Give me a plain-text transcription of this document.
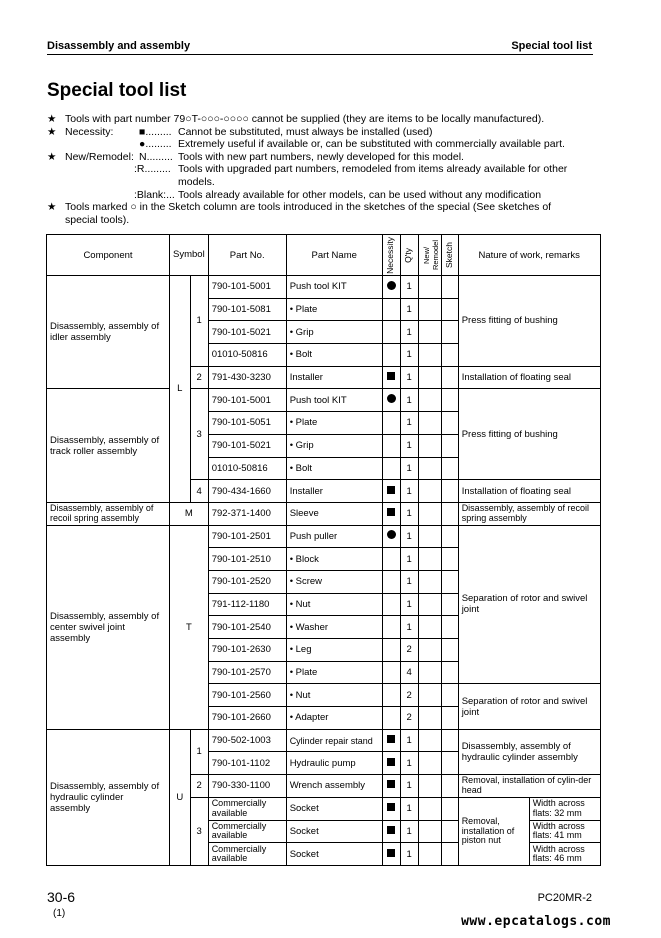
Disassembly and assembly	Special tool list
Special tool list
★ Tools with part number 79○T-○○○-○○○○ cannot be supplied (they are items to be locally manufactured).
★ Necessity: ■......... Cannot be substituted, must always be installed (used)
●......... Extremely useful if available or, can be substituted with commercially available part.
★ New/Remodel: N......... Tools with new part numbers, newly developed for this model.
:R......... Tools with upgraded part numbers, remodeled from items already available for other
models.
:Blank:... Tools already available for other models, can be used without any modification
★ Tools marked ○ in the Sketch column are tools introduced in the sketches of the special (See sketches of
special tools).
Component	Symbol		Part No.	Part Name	Necessity	Q'ty	New/ Remodel	Sketch	Nature of work, remarks	
Disassembly, assembly of idler assembly	L	1	790-101-5001	Push tool KIT		1			Press fitting of bushing	
			790-101-5081	• Plate		1				
			790-101-5021	• Grip		1				
			01010-50816	• Bolt		1				
		2	791-430-3230	Installer		1			Installation of floating seal	
Disassembly, assembly of track roller assembly		3	790-101-5001	Push tool KIT		1			Press fitting of bushing	
			790-101-5051	• Plate		1				
			790-101-5021	• Grip		1				
			01010-50816	• Bolt		1				
		4	790-434-1660	Installer		1			Installation of floating seal	
Disassembly, assembly of recoil spring assembly	M		792-371-1400	Sleeve		1			Disassembly, assembly of recoil spring assembly	
Disassembly, assembly of center swivel joint assembly	T		790-101-2501	Push puller		1			Separation of rotor and swivel joint	
			790-101-2510	• Block		1				
			790-101-2520	• Screw		1				
			791-112-1180	• Nut		1				
			790-101-2540	• Washer		1				
			790-101-2630	• Leg		2				
			790-101-2570	• Plate		4				
			790-101-2560	• Nut		2			Separation of rotor and swivel joint	
			790-101-2660	• Adapter		2				
Disassembly, assembly of hydraulic cylinder assembly	U	1	790-502-1003	Cylinder repair stand		1			Disassembly, assembly of hydraulic cylinder assembly	
			790-101-1102	Hydraulic pump		1				
		2	790-330-1100	Wrench assembly		1			Removal, installation of cylin-der head	
		3	Commercially available	Socket		1			Removal, installation of piston nut	Width across flats: 32 mm
			Commercially available	Socket		1				Width across flats: 41 mm
			Commercially available	Socket		1				Width across flats: 46 mm
30-6
(1)
PC20MR-2
www.epcatalogs.com
